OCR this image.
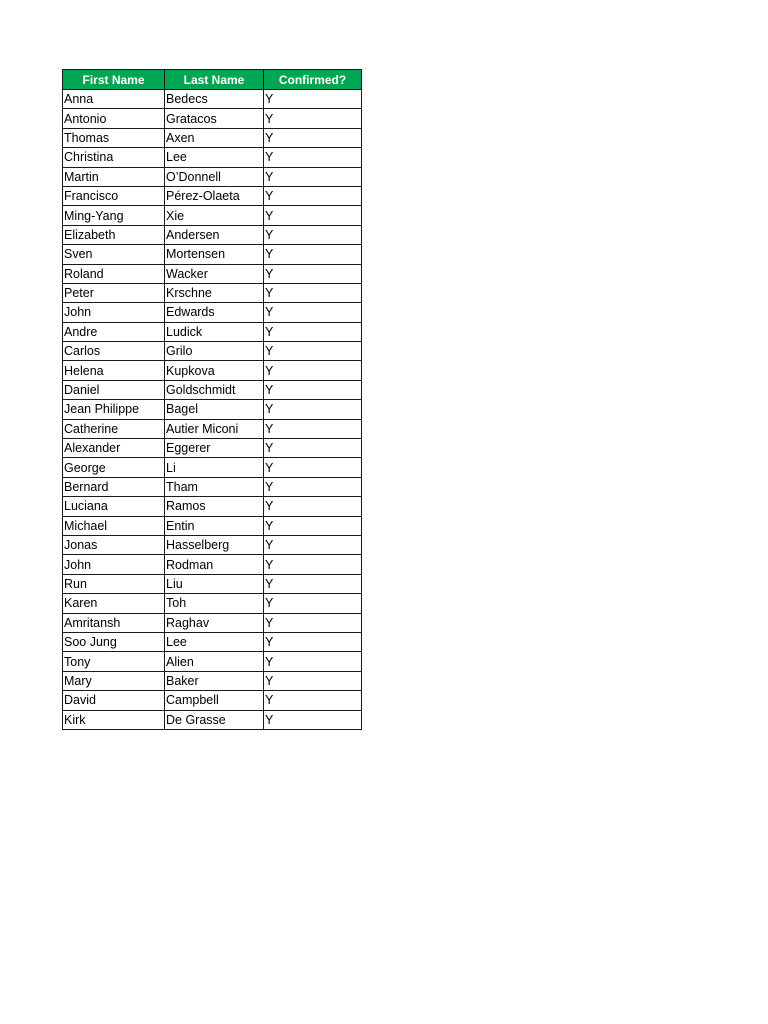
First Name	Last Name	Confirmed?
Anna	Bedecs	Y
Antonio	Gratacos	Y
Thomas	Axen	Y
Christina	Lee	Y
Martin	O’Donnell	Y
Francisco	Pérez-Olaeta	Y
Ming-Yang	Xie	Y
Elizabeth	Andersen	Y
Sven	Mortensen	Y
Roland	Wacker	Y
Peter	Krschne	Y
John	Edwards	Y
Andre	Ludick	Y
Carlos	Grilo	Y
Helena	Kupkova	Y
Daniel	Goldschmidt	Y
Jean Philippe	Bagel	Y
Catherine	Autier Miconi	Y
Alexander	Eggerer	Y
George	Li	Y
Bernard	Tham	Y
Luciana	Ramos	Y
Michael	Entin	Y
Jonas	Hasselberg	Y
John	Rodman	Y
Run	Liu	Y
Karen	Toh	Y
Amritansh	Raghav	Y
Soo Jung	Lee	Y
Tony	Alien	Y
Mary	Baker	Y
David	Campbell	Y
Kirk	De Grasse	Y
